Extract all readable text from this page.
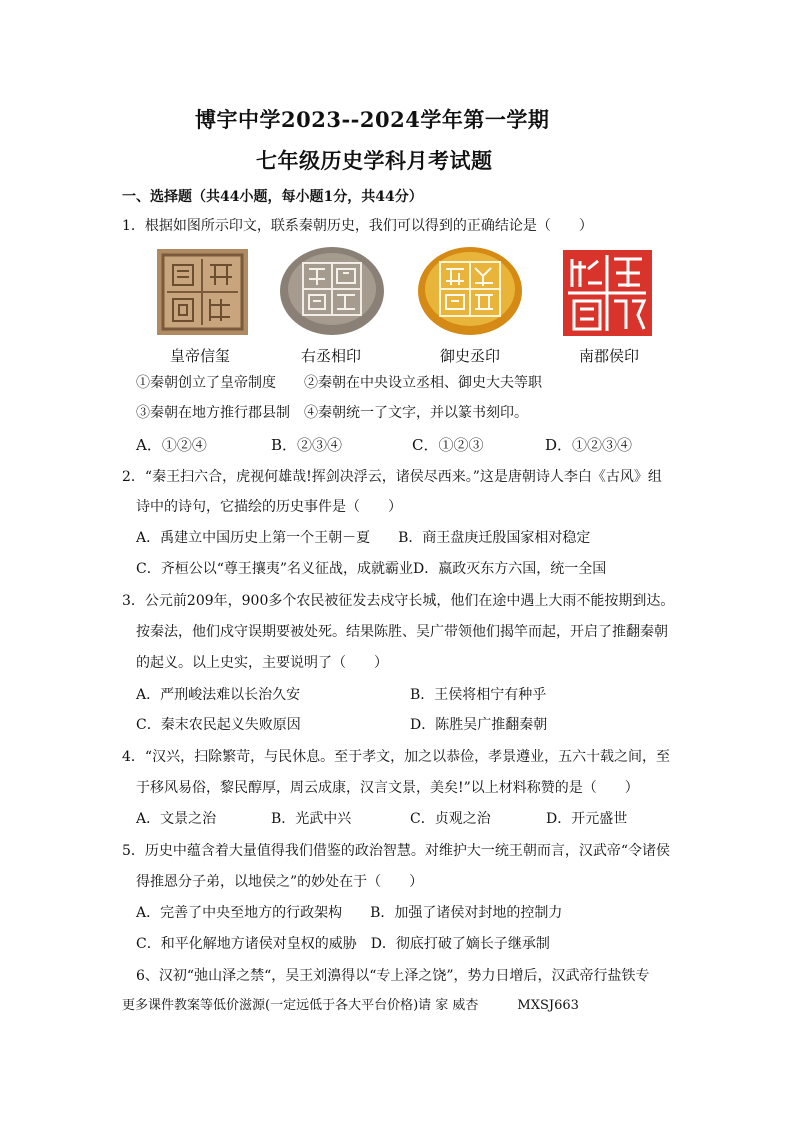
博宇中学2023--2024学年第一学期
七年级历史学科月考试题
一、选择题（共44小题，每小题1分，共44分）
1．根据如图所示印文，联系秦朝历史，我们可以得到的正确结论是（　　）
皇帝信玺	右丞相印	御史丞印	南郡侯印
①秦朝创立了皇帝制度　　②秦朝在中央设立丞相、御史大夫等职
③秦朝在地方推行郡县制　④秦朝统一了文字，并以篆书刻印。
A．①②④	B．②③④	C．①②③	D．①②③④
2．“秦王扫六合，虎视何雄哉!挥剑决浮云，诸侯尽西来。”这是唐朝诗人李白《古风》组
诗中的诗句，它描绘的历史事件是（　　）
A．禹建立中国历史上第一个王朝－夏　　B．商王盘庚迁殷国家相对稳定
C．齐桓公以“尊王攘夷”名义征战，成就霸业D．嬴政灭东方六国，统一全国
3．公元前209年，900多个农民被征发去戍守长城，他们在途中遇上大雨不能按期到达。
按秦法，他们戍守误期要被处死。结果陈胜、吴广带领他们揭竿而起，开启了推翻秦朝
的起义。以上史实，主要说明了（　　）
A．严刑峻法难以长治久安	B．王侯将相宁有种乎
C．秦末农民起义失败原因	D．陈胜吴广推翻秦朝
4．“汉兴，扫除繁苛，与民休息。至于孝文，加之以恭俭，孝景遵业，五六十载之间，至
于移风易俗，黎民醇厚，周云成康，汉言文景，美矣!”以上材料称赞的是（　　）
A．文景之治	B．光武中兴	C．贞观之治	D．开元盛世
5．历史中蕴含着大量值得我们借鉴的政治智慧。对维护大一统王朝而言，汉武帝“令诸侯
得推恩分子弟，以地侯之”的妙处在于（　　）
A．完善了中央至地方的行政架构　　B．加强了诸侯对封地的控制力
C．和平化解地方诸侯对皇权的威胁　D．彻底打破了嫡长子继承制
6、汉初“弛山泽之禁“，吴王刘濞得以“专上泽之饶”，势力日增后，汉武帝行盐铁专
更多课件教案等低价滋源(一定远低于各大平台价格)请 家 威杏　　　MXSJ663
